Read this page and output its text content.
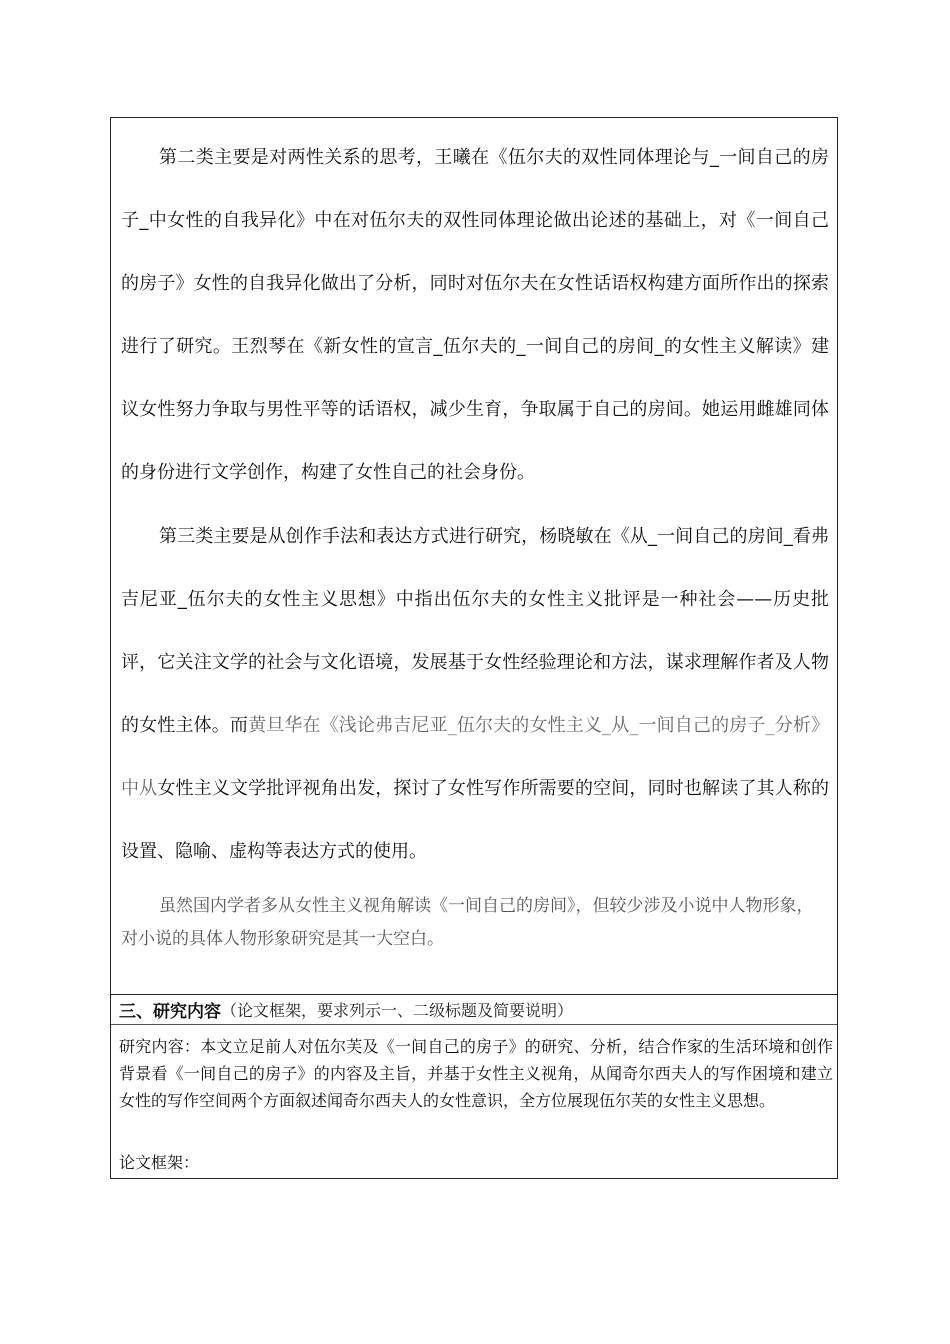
第二类主要是对两性关系的思考，王曦在《伍尔夫的双性同体理论与_一间自己的房子_中女性的自我异化》中在对伍尔夫的双性同体理论做出论述的基础上，对《一间自己的房子》女性的自我异化做出了分析，同时对伍尔夫在女性话语权构建方面所作出的探索进行了研究。王烈琴在《新女性的宣言_伍尔夫的_一间自己的房间_的女性主义解读》建议女性努力争取与男性平等的话语权，减少生育，争取属于自己的房间。她运用雌雄同体的身份进行文学创作，构建了女性自己的社会身份。

第三类主要是从创作手法和表达方式进行研究，杨晓敏在《从_一间自己的房间_看弗吉尼亚_伍尔夫的女性主义思想》中指出伍尔夫的女性主义批评是一种社会——历史批评，它关注文学的社会与文化语境，发展基于女性经验理论和方法，谋求理解作者及人物的女性主体。而黄旦华在《浅论弗吉尼亚_伍尔夫的女性主义_从_一间自己的房子_分析》中从女性主义文学批评视角出发，探讨了女性写作所需要的空间，同时也解读了其人称的设置、隐喻、虚构等表达方式的使用。

虽然国内学者多从女性主义视角解读《一间自己的房间》，但较少涉及小说中人物形象，对小说的具体人物形象研究是其一大空白。

三、研究内容 （论文框架，要求列示一、二级标题及简要说明）

研究内容：本文立足前人对伍尔芙及《一间自己的房子》的研究、分析，结合作家的生活环境和创作背景看《一间自己的房子》的内容及主旨，并基于女性主义视角，从闻奇尔西夫人的写作困境和建立女性的写作空间两个方面叙述闻奇尔西夫人的女性意识，全方位展现伍尔芙的女性主义思想。

论文框架：
